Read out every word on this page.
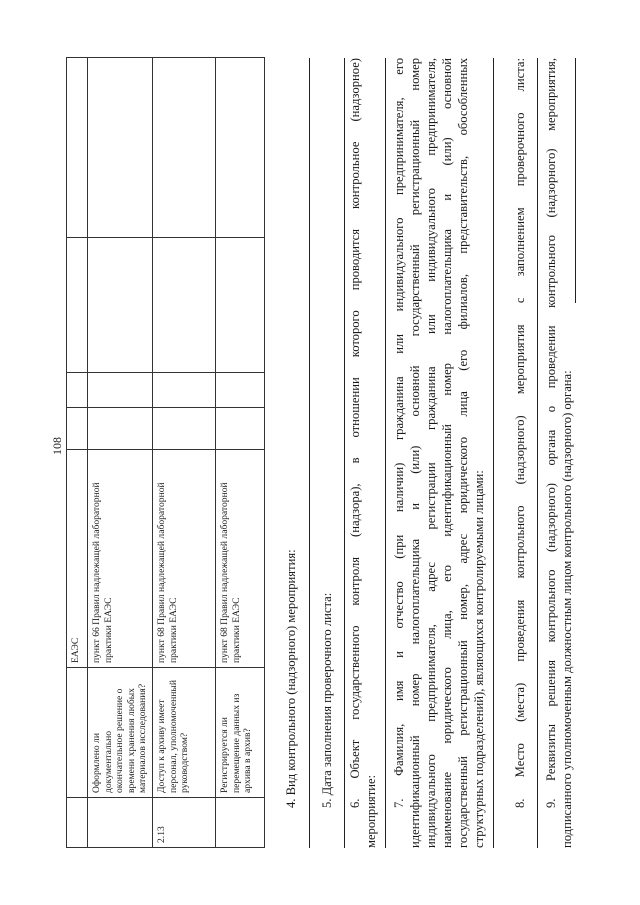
108
		ЕАЭС				
	Оформлено ли документально окончательное решение о времени хранения любых материалов исследования?	пункт 66 Правил надлежащей лабораторной практики ЕАЭС				
2.13	Доступ к архиву имеет персонал, уполномоченный руководством?	пункт 68 Правил надлежащей лабораторной практики ЕАЭС				
	Регистрируется ли перемещение данных из архива в архив?	пункт 68 Правил надлежащей лабораторной практики ЕАЭС					4. Вид контрольного (надзорного) мероприятия: 5. Дата заполнения проверочного листа: 6. Объект государственного контроля (надзора), в отношении которого проводится контрольное (надзорное)
мероприятие:
7. Фамилия, имя и отчество (при наличии) гражданина или индивидуального предпринимателя, его идентификационный номер налогоплательщика и (или) основной государственный регистрационный номер индивидуального предпринимателя, адрес регистрации гражданина или индивидуального предпринимателя, наименование юридического лица, его идентификационный номер налогоплательщика и (или) основной государственный регистрационный номер, адрес юридического лица (его филиалов, представительств, обособленных структурных подразделений), являющихся контролируемыми лицами: 8. Место (места) проведения контрольного (надзорного) мероприятия с заполнением проверочного листа: 9. Реквизиты решения контрольного (надзорного) органа о проведении контрольного (надзорного) мероприятия, подписанного уполномоченным должностным лицом контрольного (надзорного) органа:
